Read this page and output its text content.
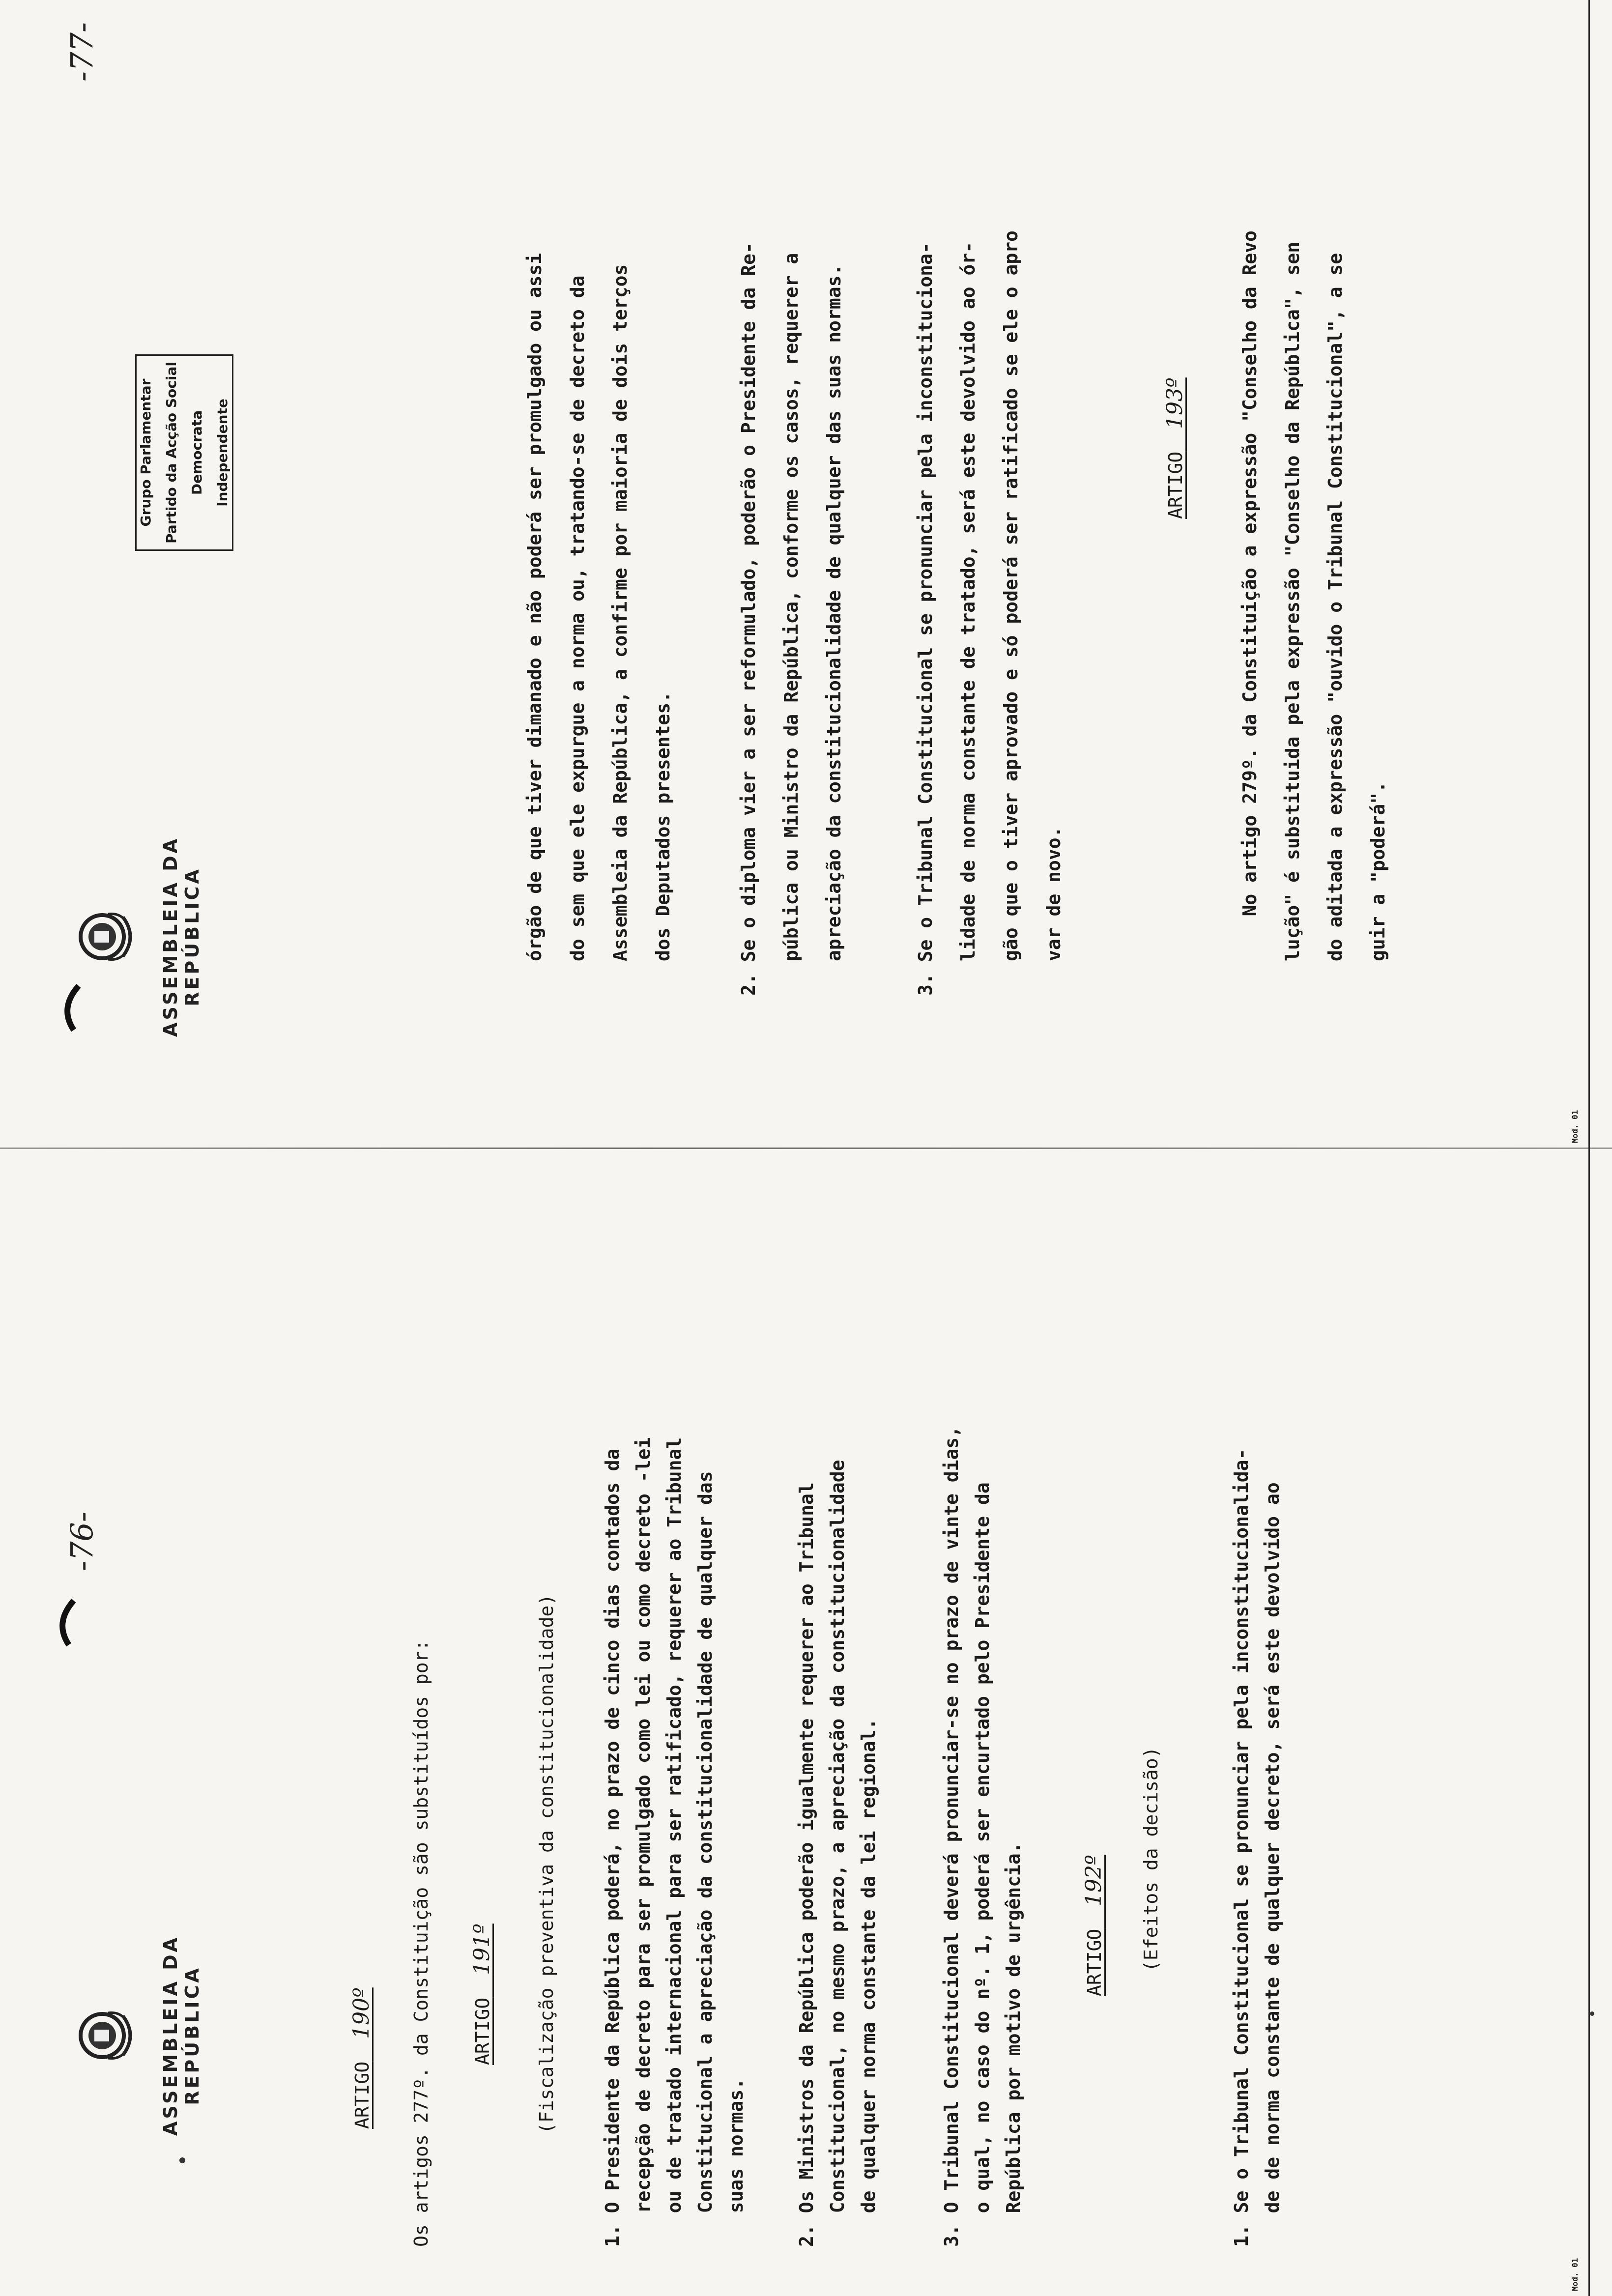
ASSEMBLEIA DA REPÚBLICA
-76-
ARTIGO  190º Os artigos 277º. da Constituição são substituídos por: ARTIGO  191º (Fiscalização preventiva da constitucionalidade) 1. O Presidente da República poderá, no prazo de cinco dias contados da recepção de decreto para ser promulgado como lei ou como decreto -lei ou de tratado internacional para ser ratificado, requerer ao Tribunal Constitucional a apreciação da constitucionalidade de qualquer das suas normas.	2. Os Ministros da República poderão igualmente requerer ao Tribunal Constitucional, no mesmo prazo, a apreciação da constitucionalidade de qualquer norma constante da lei regional.	3. O Tribunal Constitucional deverá pronunciar-se no prazo de vinte dias, o qual, no caso do nº. 1, poderá ser encurtado pelo Presidente da República por motivo de urgência.	ARTIGO  192º (Efeitos da decisão)	1. Se o Tribunal Constitucional se pronunciar pela inconstitucionalida- de de norma constante de qualquer decreto, será este devolvido ao
Mod. 01
ASSEMBLEIA DA REPÚBLICA
-77-
Grupo Parlamentar Partido da Acção Social Democrata Independente	órgão de que tiver dimanado e não poderá ser promulgado ou assi	do sem que ele expurgue a norma ou, tratando-se de decreto da	Assembleia da República, a confirme por maioria de dois terços	dos Deputados presentes.	2. Se o diploma vier a ser reformulado, poderão o Presidente da Re-	pública ou Ministro da República, conforme os casos, requerer a	apreciação da constitucionalidade de qualquer das suas normas.	3. Se o Tribunal Constitucional se pronunciar pela inconstituciona-	lidade de norma constante de tratado, será este devolvido ao ór-	gão que o tiver aprovado e só poderá ser ratificado se ele o apro	var de novo.
ARTIGO  193º	No artigo 279º. da Constituição a expressão "Conselho da Revo	lução" é substituida pela expressão "Conselho da República", sen	do aditada a expressão "ouvido o Tribunal Constitucional", a se	guir a "poderá".
Mod. 01
